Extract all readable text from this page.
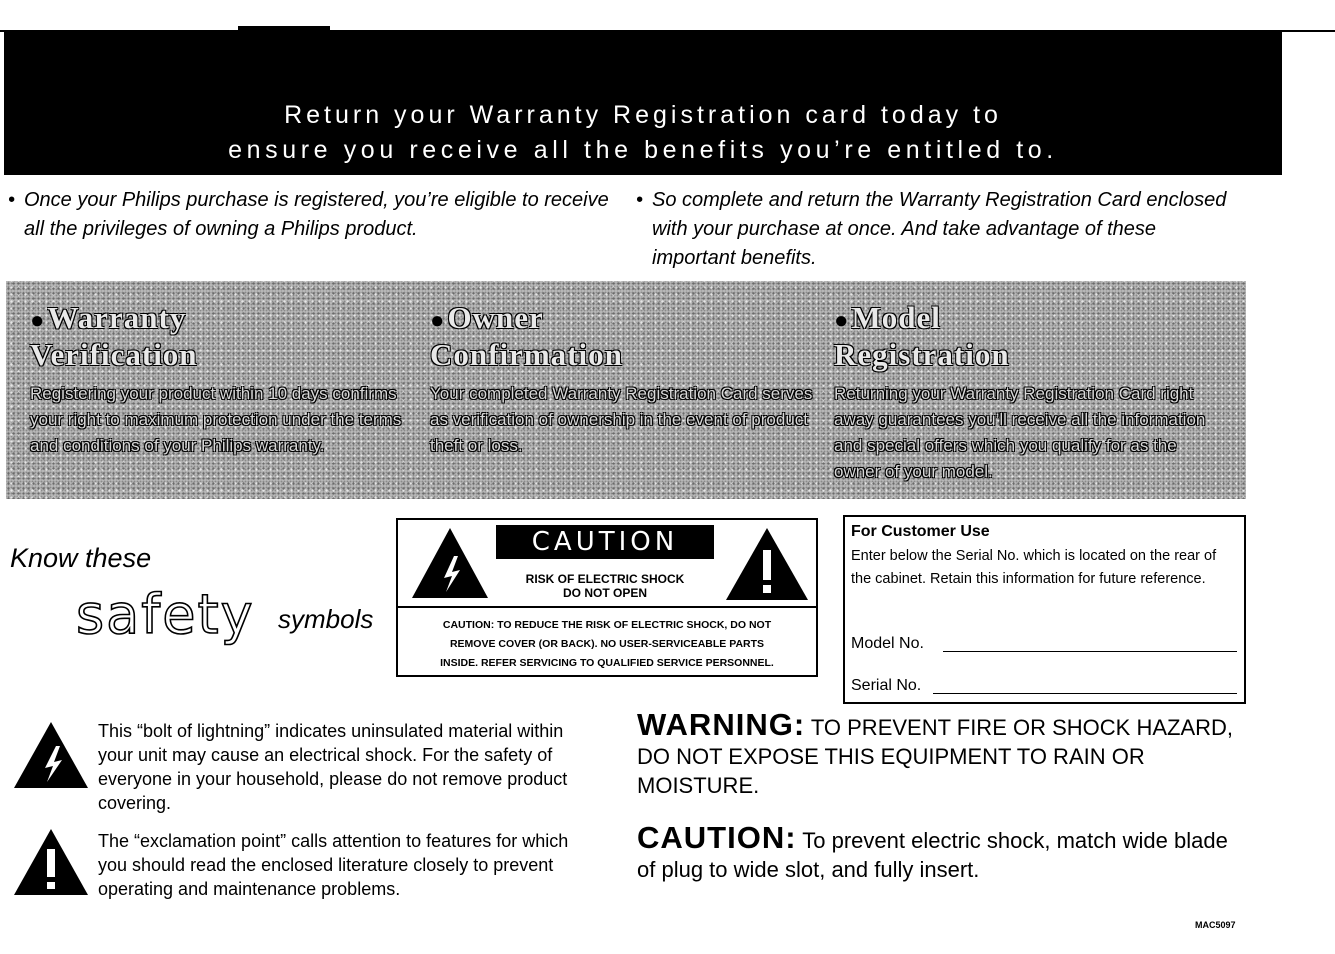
Return your Warranty Registration card today to
ensure you receive all the benefits you’re entitled to.
• Once your Philips purchase is registered, you’re eligible to receive all the privileges of owning a Philips product.
• So complete and return the Warranty Registration Card enclosed with your purchase at once. And take advantage of these important benefits.
●Warranty
Verification
Registering your product within 10 days confirms your right to maximum protection under the terms and conditions of your Philips warranty.
●Owner
Confirmation
Your completed Warranty Registration Card serves as verification of ownership in the event of product theft or loss.
●Model
Registration
Returning your Warranty Registration Card right away guarantees you’ll receive all the information and special offers which you qualify for as the owner of your model.
Know these
safety symbols
CAUTION
RISK OF ELECTRIC SHOCK
DO NOT OPEN
CAUTION: TO REDUCE THE RISK OF ELECTRIC SHOCK, DO NOT
REMOVE COVER (OR BACK). NO USER-SERVICEABLE PARTS
INSIDE. REFER SERVICING TO QUALIFIED SERVICE PERSONNEL.
For Customer Use
Enter below the Serial No. which is located on the rear of the cabinet. Retain this information for future reference.
Model No.
Serial No.
This “bolt of lightning” indicates uninsulated material within your unit may cause an electrical shock. For the safety of everyone in your household, please do not remove product covering.
The “exclamation point” calls attention to features for which you should read the enclosed literature closely to prevent operating and maintenance problems.
WARNING: TO PREVENT FIRE OR SHOCK HAZARD, DO NOT EXPOSE THIS EQUIPMENT TO RAIN OR MOISTURE.
CAUTION: To prevent electric shock, match wide blade of plug to wide slot, and fully insert.
MAC5097
